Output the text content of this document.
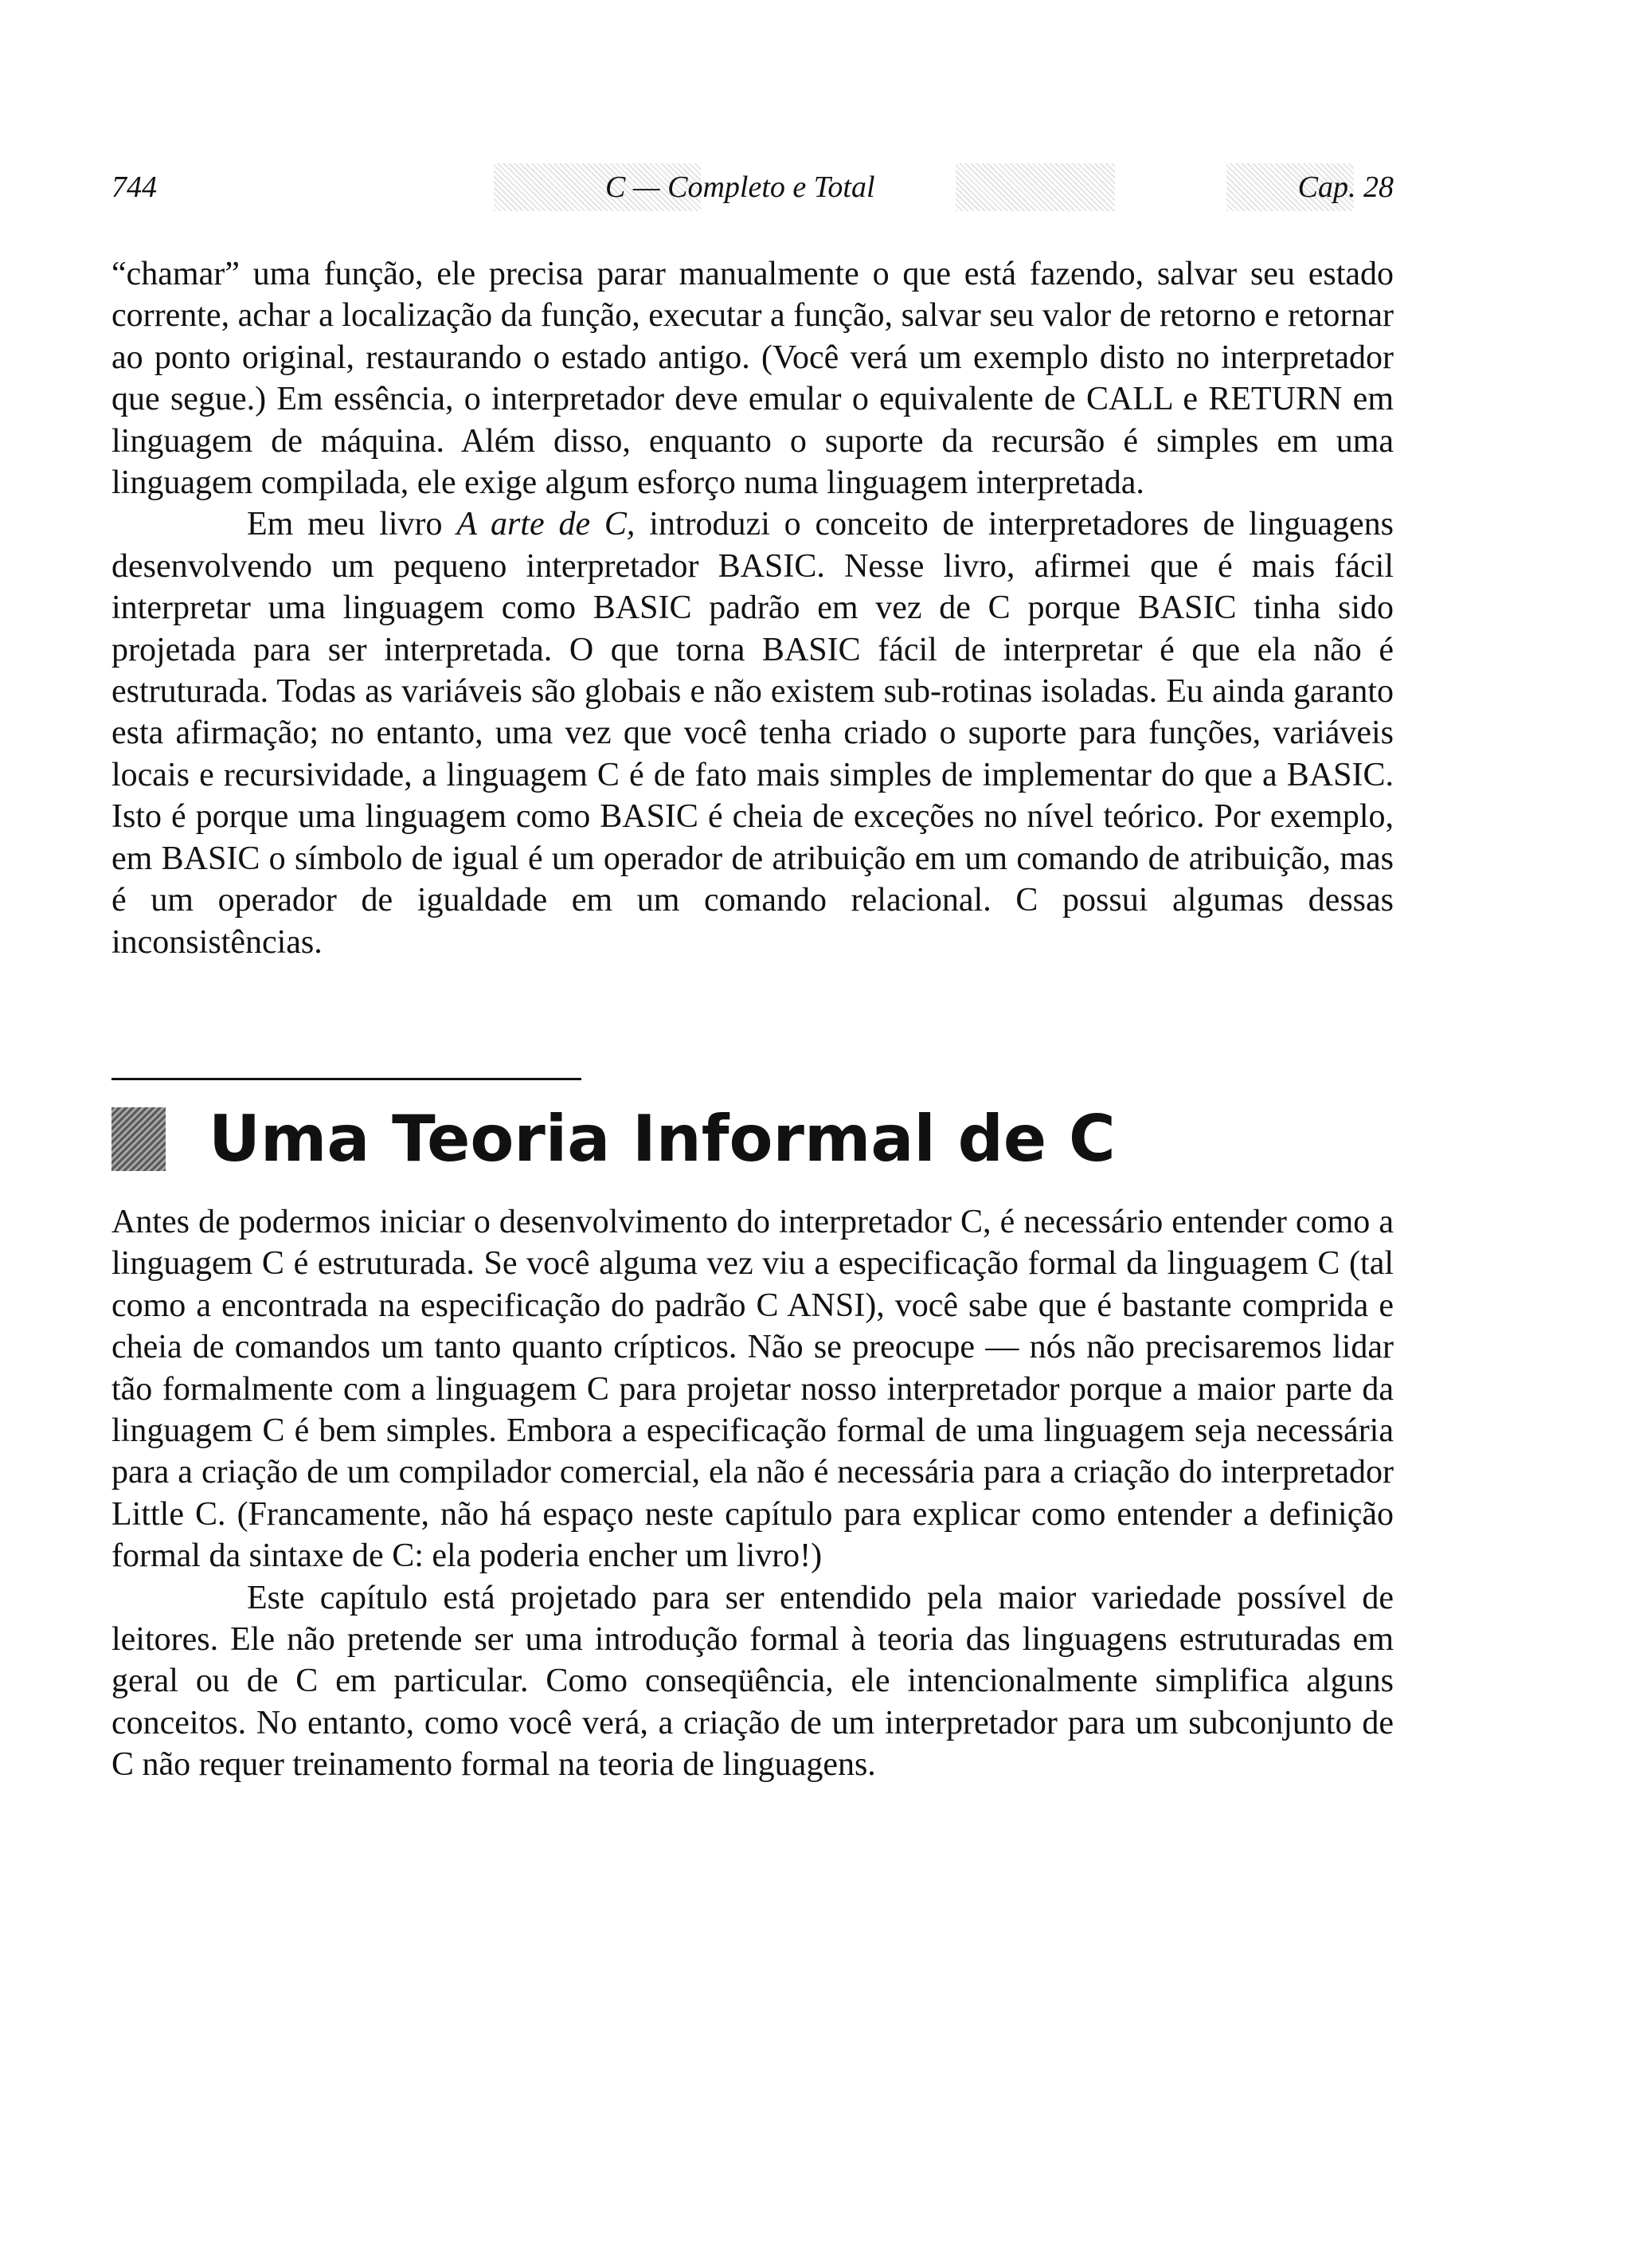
744	C — Completo e Total	Cap. 28

“chamar” uma função, ele precisa parar manualmente o que está fazendo, salvar seu estado corrente, achar a localização da função, executar a função, salvar seu valor de retorno e retornar ao ponto original, restaurando o estado antigo. (Você verá um exemplo disto no interpretador que segue.) Em essência, o interpretador deve emular o equivalente de CALL e RETURN em linguagem de máquina. Além disso, enquanto o suporte da recursão é simples em uma linguagem compilada, ele exige algum esforço numa linguagem interpretada.

Em meu livro A arte de C, introduzi o conceito de interpretadores de linguagens desenvolvendo um pequeno interpretador BASIC. Nesse livro, afirmei que é mais fácil interpretar uma linguagem como BASIC padrão em vez de C porque BASIC tinha sido projetada para ser interpretada. O que torna BASIC fácil de interpretar é que ela não é estruturada. Todas as variáveis são globais e não existem sub-rotinas isoladas. Eu ainda garanto esta afirmação; no entanto, uma vez que você tenha criado o suporte para funções, variáveis locais e recursividade, a linguagem C é de fato mais simples de implementar do que a BASIC. Isto é porque uma linguagem como BASIC é cheia de exceções no nível teórico. Por exemplo, em BASIC o símbolo de igual é um operador de atribuição em um comando de atribuição, mas é um operador de igualdade em um comando relacional. C possui algumas dessas inconsistências.

Uma Teoria Informal de C

Antes de podermos iniciar o desenvolvimento do interpretador C, é necessário entender como a linguagem C é estruturada. Se você alguma vez viu a especificação formal da linguagem C (tal como a encontrada na especificação do padrão C ANSI), você sabe que é bastante comprida e cheia de comandos um tanto quanto crípticos. Não se preocupe — nós não precisaremos lidar tão formalmente com a linguagem C para projetar nosso interpretador porque a maior parte da linguagem C é bem simples. Embora a especificação formal de uma linguagem seja necessária para a criação de um compilador comercial, ela não é necessária para a criação do interpretador Little C. (Francamente, não há espaço neste capítulo para explicar como entender a definição formal da sintaxe de C: ela poderia encher um livro!)

Este capítulo está projetado para ser entendido pela maior variedade possível de leitores. Ele não pretende ser uma introdução formal à teoria das linguagens estruturadas em geral ou de C em particular. Como conseqüência, ele intencionalmente simplifica alguns conceitos. No entanto, como você verá, a criação de um interpretador para um subconjunto de C não requer treinamento formal na teoria de linguagens.
